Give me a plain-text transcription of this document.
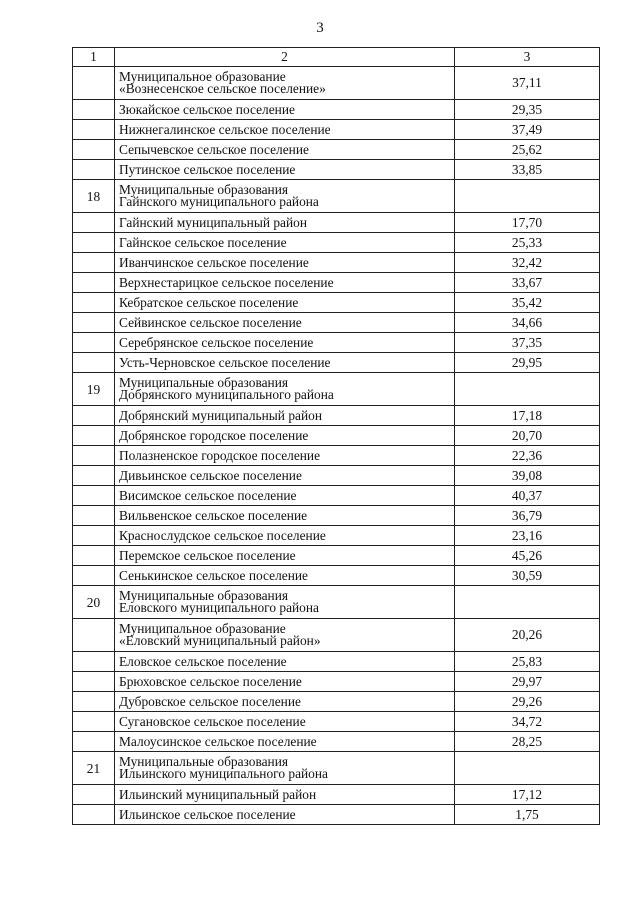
3
1	2	3

	Муниципальное образование
«Вознесенское сельское поселение»	37,11

	Зюкайское сельское поселение	29,35

	Нижнегалинское сельское поселение	37,49

	Сепычевское сельское поселение	25,62

	Путинское сельское поселение	33,85
18	Муниципальные образования
Гайнского муниципального района	

	Гайнский муниципальный район	17,70

	Гайнское сельское поселение	25,33

	Иванчинское сельское поселение	32,42

	Верхнестарицкое сельское поселение	33,67

	Кебратское сельское поселение	35,42

	Сейвинское сельское поселение	34,66

	Серебрянское сельское поселение	37,35

	Усть-Черновское сельское поселение	29,95
19	Муниципальные образования
Добрянского муниципального района	

	Добрянский муниципальный район	17,18

	Добрянское городское поселение	20,70

	Полазненское городское поселение	22,36

	Дивьинское сельское поселение	39,08

	Висимское сельское поселение	40,37

	Вильвенское сельское поселение	36,79

	Краснослудское сельское поселение	23,16

	Перемское сельское поселение	45,26

	Сенькинское сельское поселение	30,59
20	Муниципальные образования
Еловского муниципального района	

	Муниципальное образование
«Еловский муниципальный район»	20,26

	Еловское сельское поселение	25,83

	Брюховское сельское поселение	29,97

	Дубровское сельское поселение	29,26

	Сугановское сельское поселение	34,72

	Малоусинское сельское поселение	28,25
21	Муниципальные образования
Ильинского муниципального района	

	Ильинский муниципальный район	17,12

	Ильинское сельское поселение	1,75
